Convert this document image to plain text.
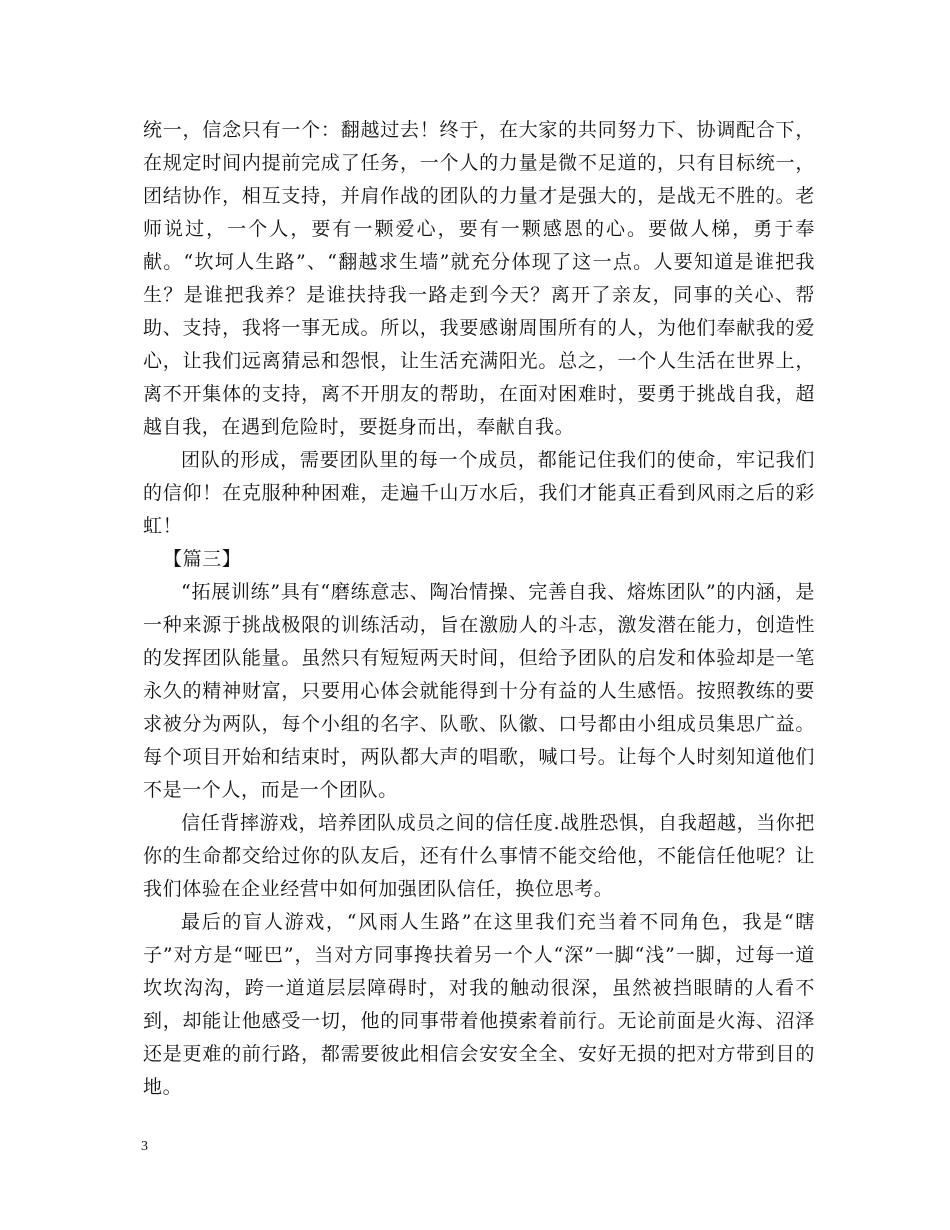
统一，信念只有一个：翻越过去！终于，在大家的共同努力下、协调配合下，在规定时间内提前完成了任务，一个人的力量是微不足道的，只有目标统一，团结协作，相互支持，并肩作战的团队的力量才是强大的，是战无不胜的。老师说过，一个人，要有一颗爱心，要有一颗感恩的心。要做人梯，勇于奉献。“坎坷人生路”、“翻越求生墙”就充分体现了这一点。人要知道是谁把我生？是谁把我养？是谁扶持我一路走到今天？离开了亲友，同事的关心、帮助、支持，我将一事无成。所以，我要感谢周围所有的人，为他们奉献我的爱心，让我们远离猜忌和怨恨，让生活充满阳光。总之，一个人生活在世界上，离不开集体的支持，离不开朋友的帮助，在面对困难时，要勇于挑战自我，超越自我，在遇到危险时，要挺身而出，奉献自我。

团队的形成，需要团队里的每一个成员，都能记住我们的使命，牢记我们的信仰！在克服种种困难，走遍千山万水后，我们才能真正看到风雨之后的彩虹！

【篇三】

“拓展训练”具有“磨练意志、陶冶情操、完善自我、熔炼团队”的内涵，是一种来源于挑战极限的训练活动，旨在激励人的斗志，激发潜在能力，创造性的发挥团队能量。虽然只有短短两天时间，但给予团队的启发和体验却是一笔永久的精神财富，只要用心体会就能得到十分有益的人生感悟。按照教练的要求被分为两队，每个小组的名字、队歌、队徽、口号都由小组成员集思广益。每个项目开始和结束时，两队都大声的唱歌，喊口号。让每个人时刻知道他们不是一个人，而是一个团队。

信任背摔游戏，培养团队成员之间的信任度.战胜恐惧，自我超越，当你把你的生命都交给过你的队友后，还有什么事情不能交给他，不能信任他呢？让我们体验在企业经营中如何加强团队信任，换位思考。

最后的盲人游戏，“风雨人生路”在这里我们充当着不同角色，我是“瞎子”对方是“哑巴”，当对方同事搀扶着另一个人“深”一脚“浅”一脚，过每一道坎坎沟沟，跨一道道层层障碍时，对我的触动很深，虽然被挡眼睛的人看不到，却能让他感受一切，他的同事带着他摸索着前行。无论前面是火海、沼泽还是更难的前行路，都需要彼此相信会安安全全、安好无损的把对方带到目的地。

3
